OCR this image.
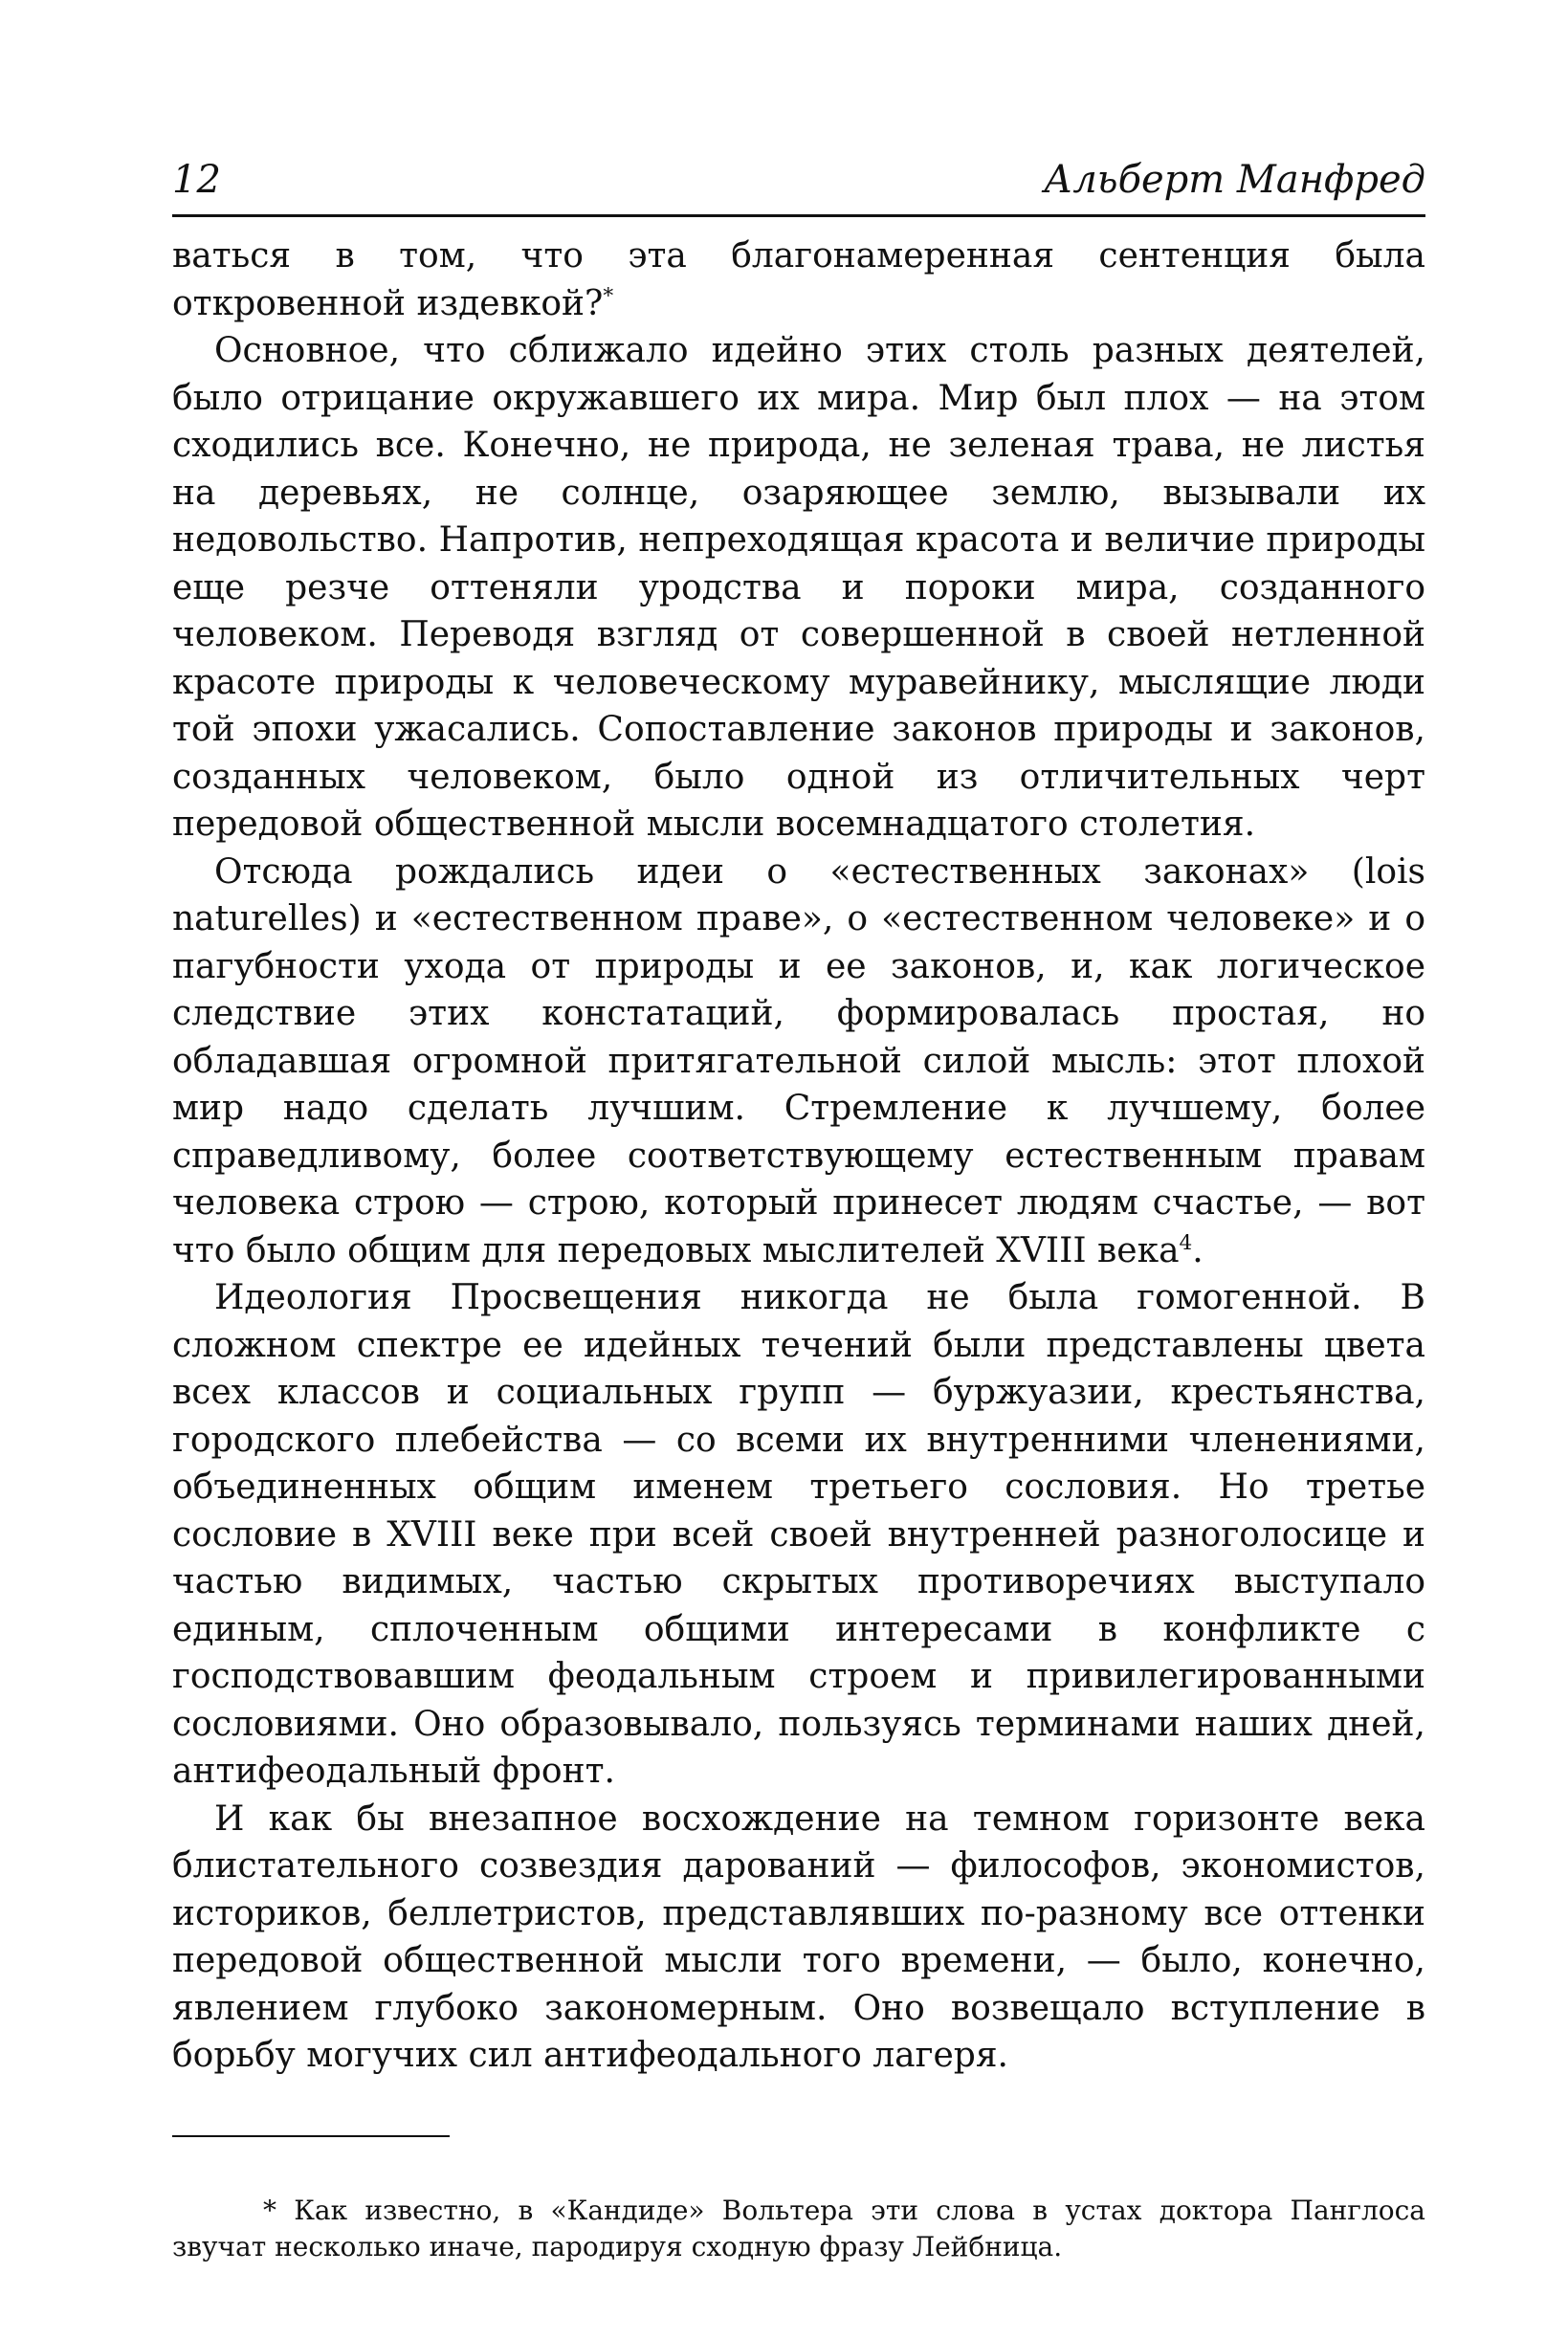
12	Альберт Манфред

ваться в том, что эта благонамеренная сентенция была откровенной издевкой?*

Основное, что сближало идейно этих столь разных деятелей, было отрицание окружавшего их мира. Мир был плох — на этом сходились все. Конечно, не природа, не зеленая трава, не листья на деревьях, не солнце, озаряющее землю, вызывали их недовольство. Напротив, непреходящая красота и величие природы еще резче оттеняли уродства и пороки мира, созданного человеком. Переводя взгляд от совершенной в своей нетленной красоте природы к человеческому муравейнику, мыслящие люди той эпохи ужасались. Сопоставление законов природы и законов, созданных человеком, было одной из отличительных черт передовой общественной мысли восемнадцатого столетия.

Отсюда рождались идеи о «естественных законах» (lois naturelles) и «естественном праве», о «естественном человеке» и о пагубности ухода от природы и ее законов, и, как логическое следствие этих констатаций, формировалась простая, но обладавшая огромной притягательной силой мысль: этот плохой мир надо сделать лучшим. Стремление к лучшему, более справедливому, более соответствующему естественным правам человека строю — строю, который принесет людям счастье, — вот что было общим для передовых мыслителей XVIII века$^4$.

Идеология Просвещения никогда не была гомогенной. В сложном спектре ее идейных течений были представлены цвета всех классов и социальных групп — буржуазии, крестьянства, городского плебейства — со всеми их внутренними членениями, объединенных общим именем третьего сословия. Но третье сословие в XVIII веке при всей своей внутренней разноголосице и частью видимых, частью скрытых противоречиях выступало единым, сплоченным общими интересами в конфликте с господствовавшим феодальным строем и привилегированными сословиями. Оно образовывало, пользуясь терминами наших дней, антифеодальный фронт.

И как бы внезапное восхождение на темном горизонте века блистательного созвездия дарований — философов, экономистов, историков, беллетристов, представлявших по-разному все оттенки передовой общественной мысли того времени, — было, конечно, явлением глубоко закономерным. Оно возвещало вступление в борьбу могучих сил антифеодального лагеря.

* Как известно, в «Кандиде» Вольтера эти слова в устах доктора Панглоса звучат несколько иначе, пародируя сходную фразу Лейбница.
